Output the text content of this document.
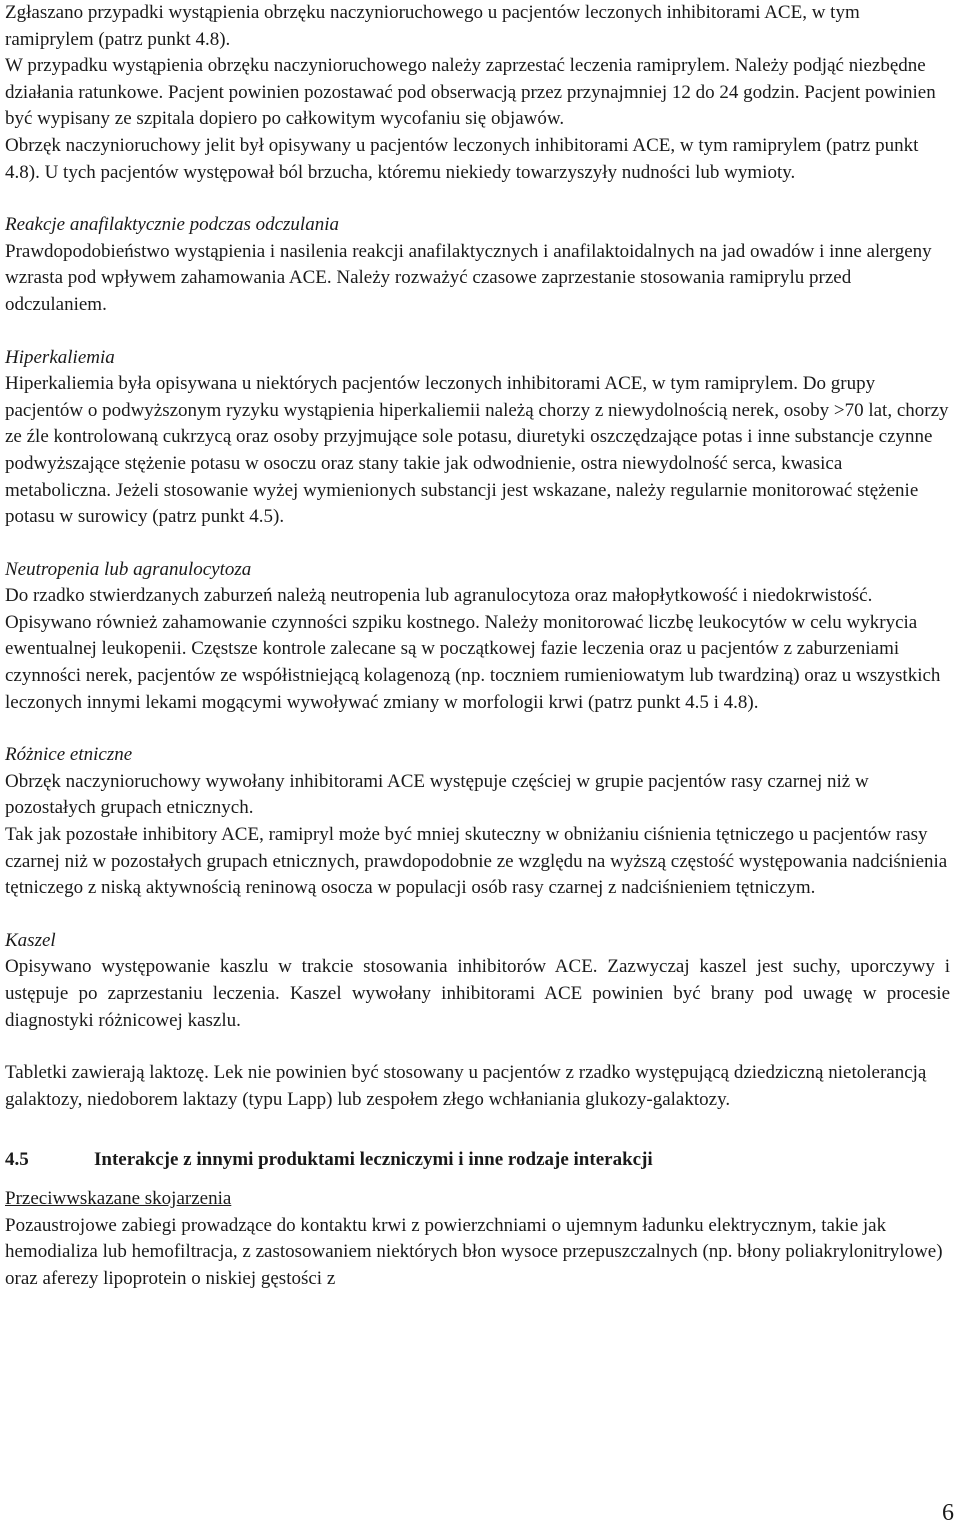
Zgłaszano przypadki wystąpienia obrzęku naczynioruchowego u pacjentów leczonych inhibitorami ACE, w tym ramiprylem (patrz punkt 4.8).

W przypadku wystąpienia obrzęku naczynioruchowego należy zaprzestać leczenia ramiprylem. Należy podjąć niezbędne działania ratunkowe. Pacjent powinien pozostawać pod obserwacją przez przynajmniej 12 do 24 godzin. Pacjent powinien być wypisany ze szpitala dopiero po całkowitym wycofaniu się objawów.

Obrzęk naczynioruchowy jelit był opisywany u pacjentów leczonych inhibitorami ACE, w tym ramiprylem (patrz punkt 4.8). U tych pacjentów występował ból brzucha, któremu niekiedy towarzyszyły nudności lub wymioty.

Reakcje anafilaktycznie podczas odczulania

Prawdopodobieństwo wystąpienia i nasilenia reakcji anafilaktycznych i anafilaktoidalnych na jad owadów i inne alergeny wzrasta pod wpływem zahamowania ACE. Należy rozważyć czasowe zaprzestanie stosowania ramiprylu przed odczulaniem.

Hiperkaliemia

Hiperkaliemia była opisywana u niektórych pacjentów leczonych inhibitorami ACE, w tym ramiprylem. Do grupy pacjentów o podwyższonym ryzyku wystąpienia hiperkaliemii należą chorzy z niewydolnością nerek, osoby >70 lat, chorzy ze źle kontrolowaną cukrzycą oraz osoby przyjmujące sole potasu, diuretyki oszczędzające potas i inne substancje czynne podwyższające stężenie potasu w osoczu oraz stany takie jak odwodnienie, ostra niewydolność serca, kwasica metaboliczna. Jeżeli stosowanie wyżej wymienionych substancji jest wskazane, należy regularnie monitorować stężenie potasu w surowicy (patrz punkt 4.5).

Neutropenia lub agranulocytoza

Do rzadko stwierdzanych zaburzeń należą neutropenia lub agranulocytoza oraz małopłytkowość i niedokrwistość. Opisywano również zahamowanie czynności szpiku kostnego. Należy monitorować liczbę leukocytów w celu wykrycia ewentualnej leukopenii. Częstsze kontrole zalecane są w początkowej fazie leczenia oraz u pacjentów z zaburzeniami czynności nerek, pacjentów ze współistniejącą kolagenozą (np. toczniem rumieniowatym lub twardziną) oraz u wszystkich leczonych innymi lekami mogącymi wywoływać zmiany w morfologii krwi (patrz punkt 4.5 i 4.8).

Różnice etniczne

Obrzęk naczynioruchowy wywołany inhibitorami ACE występuje częściej w grupie pacjentów rasy czarnej niż w pozostałych grupach etnicznych.

Tak jak pozostałe inhibitory ACE, ramipryl może być mniej skuteczny w obniżaniu ciśnienia tętniczego u pacjentów rasy czarnej niż w pozostałych grupach etnicznych, prawdopodobnie ze względu na wyższą częstość występowania nadciśnienia tętniczego z niską aktywnością reninową osocza w populacji osób rasy czarnej z nadciśnieniem tętniczym.

Kaszel

Opisywano występowanie kaszlu w trakcie stosowania inhibitorów ACE. Zazwyczaj kaszel jest suchy, uporczywy i ustępuje po zaprzestaniu leczenia. Kaszel wywołany inhibitorami ACE powinien być brany pod uwagę w procesie diagnostyki różnicowej kaszlu.

Tabletki zawierają laktozę. Lek nie powinien być stosowany u pacjentów z rzadko występującą dziedziczną nietolerancją galaktozy, niedoborem laktazy (typu Lapp) lub zespołem złego wchłaniania glukozy-galaktozy.

4.5	Interakcje z innymi produktami leczniczymi i inne rodzaje interakcji

Przeciwwskazane skojarzenia

Pozaustrojowe zabiegi prowadzące do kontaktu krwi z powierzchniami o ujemnym ładunku elektrycznym, takie jak hemodializa lub hemofiltracja, z zastosowaniem niektórych błon wysoce przepuszczalnych (np. błony poliakrylonitrylowe) oraz aferezy lipoprotein o niskiej gęstości z

6
